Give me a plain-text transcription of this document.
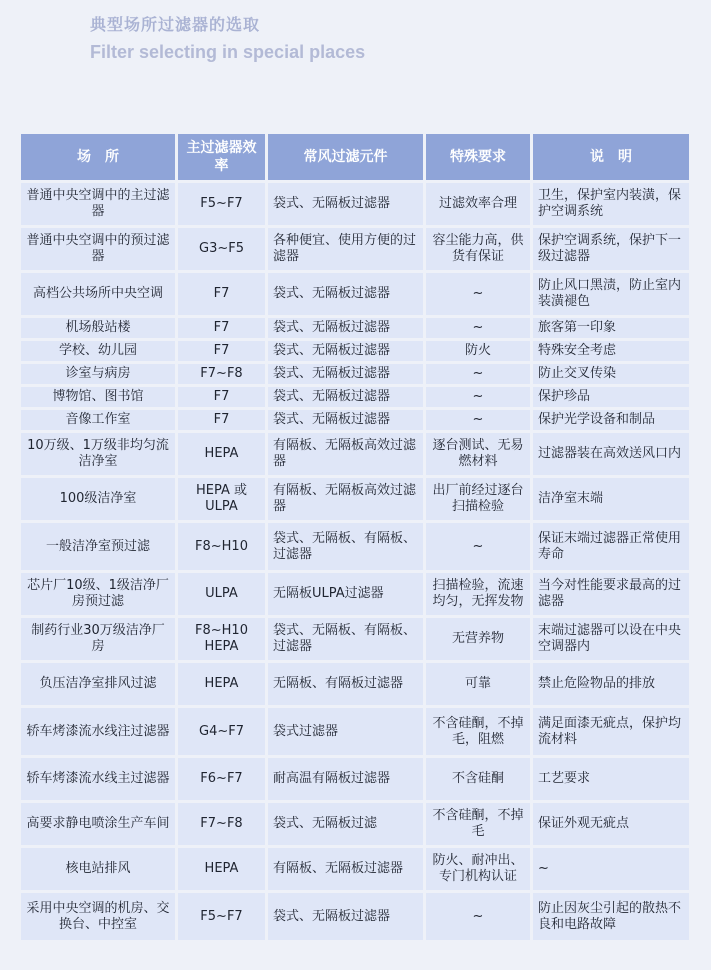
典型场所过滤器的选取
Filter selecting in special places
场　所	主过滤器效率	常风过滤元件	特殊要求	说　明
普通中央空调中的主过滤器	F5~F7	袋式、无隔板过滤器	过滤效率合理	卫生，保护室内装潢，保护空调系统
普通中央空调中的预过滤器	G3~F5	各种便宜、使用方便的过滤器	容尘能力高，供货有保证	保护空调系统，保护下一级过滤器
高档公共场所中央空调	F7	袋式、无隔板过滤器	~	防止风口黑渍，防止室内装潢褪色
机场般站楼	F7	袋式、无隔板过滤器	~	旅客第一印象
学校、幼儿园	F7	袋式、无隔板过滤器	防火	特殊安全考虑
诊室与病房	F7~F8	袋式、无隔板过滤器	~	防止交叉传染
博物馆、图书馆	F7	袋式、无隔板过滤器	~	保护珍品
音像工作室	F7	袋式、无隔板过滤器	~	保护光学设备和制品
10万级、1万级非均匀流洁净室	HEPA	有隔板、无隔板高效过滤器	逐台测试、无易燃材料	过滤器装在高效送风口内
100级洁净室	HEPA 或ULPA	有隔板、无隔板高效过滤器	出厂前经过逐台扫描检验	洁净室末端
一般洁净室预过滤	F8~H10	袋式、无隔板、有隔板、过滤器	~	保证末端过滤器正常使用寿命
芯片厂10级、1级洁净厂房预过滤	ULPA	无隔板ULPA过滤器	扫描检验，流速均匀，无挥发物	当今对性能要求最高的过滤器
制药行业30万级洁净厂房	F8~H10 HEPA	袋式、无隔板、有隔板、过滤器	无营养物	末端过滤器可以设在中央空调器内
负压洁净室排风过滤	HEPA	无隔板、有隔板过滤器	可靠	禁止危险物品的排放
轿车烤漆流水线注过滤器	G4~F7	袋式过滤器	不含硅酮，不掉毛，阻燃	满足面漆无疵点，保护均流材料
轿车烤漆流水线主过滤器	F6~F7	耐高温有隔板过滤器	不含硅酮	工艺要求
高要求静电喷涂生产车间	F7~F8	袋式、无隔板过滤	不含硅酮，不掉毛	保证外观无疵点
核电站排风	HEPA	有隔板、无隔板过滤器	防火、耐冲出、专门机构认证	~
采用中央空调的机房、交换台、中控室	F5~F7	袋式、无隔板过滤器	~	防止因灰尘引起的散热不良和电路故障
